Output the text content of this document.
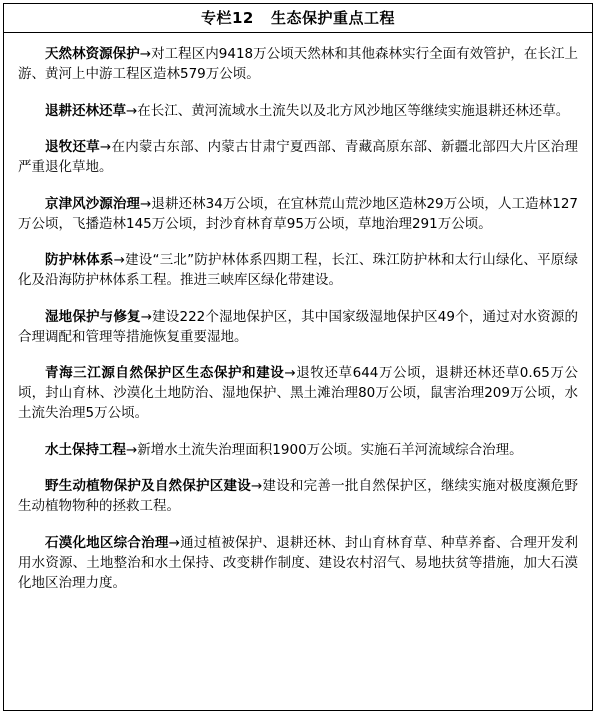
专栏12 生态保护重点工程

天然林资源保护→对工程区内9418万公顷天然林和其他森林实行全面有效管护，在长江上游、黄河上中游工程区造林579万公顷。

退耕还林还草→在长江、黄河流域水土流失以及北方风沙地区等继续实施退耕还林还草。

退牧还草→在内蒙古东部、内蒙古甘肃宁夏西部、青藏高原东部、新疆北部四大片区治理严重退化草地。

京津风沙源治理→退耕还林34万公顷，在宜林荒山荒沙地区造林29万公顷，人工造林127万公顷，飞播造林145万公顷，封沙育林育草95万公顷，草地治理291万公顷。

防护林体系→建设“三北”防护林体系四期工程，长江、珠江防护林和太行山绿化、平原绿化及沿海防护林体系工程。推进三峡库区绿化带建设。

湿地保护与修复→建设222个湿地保护区，其中国家级湿地保护区49个，通过对水资源的合理调配和管理等措施恢复重要湿地。

青海三江源自然保护区生态保护和建设→退牧还草644万公顷，退耕还林还草0.65万公顷，封山育林、沙漠化土地防治、湿地保护、黑土滩治理80万公顷，鼠害治理209万公顷，水土流失治理5万公顷。

水土保持工程→新增水土流失治理面积1900万公顷。实施石羊河流域综合治理。

野生动植物保护及自然保护区建设→建设和完善一批自然保护区，继续实施对极度濒危野生动植物物种的拯救工程。

石漠化地区综合治理→通过植被保护、退耕还林、封山育林育草、种草养畜、合理开发利用水资源、土地整治和水土保持、改变耕作制度、建设农村沼气、易地扶贫等措施，加大石漠化地区治理力度。
